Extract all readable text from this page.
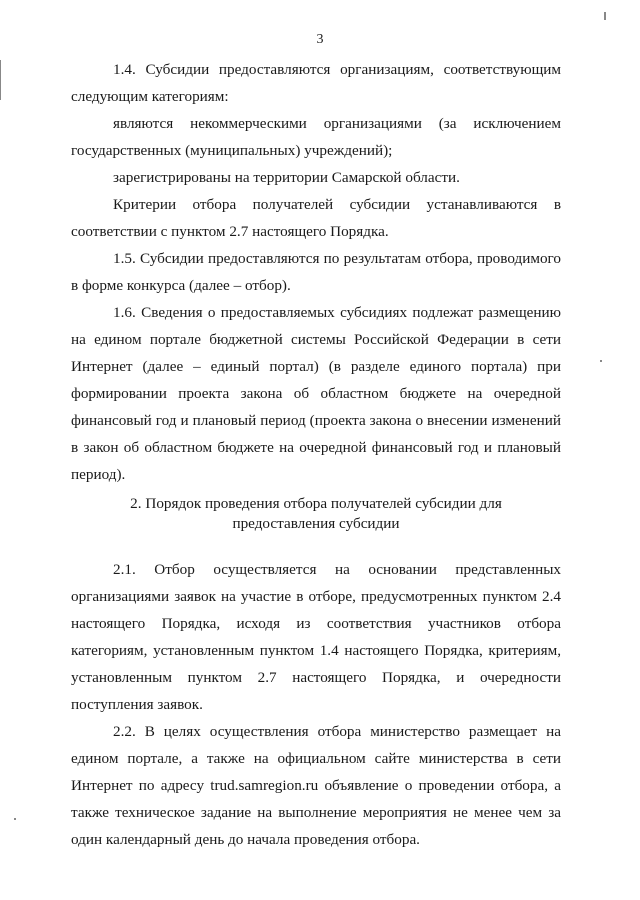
3

1.4. Субсидии предоставляются организациям, соответствующим следующим категориям:

являются некоммерческими организациями (за исключением государственных (муниципальных) учреждений);

зарегистрированы на территории Самарской области.

Критерии отбора получателей субсидии устанавливаются в соответствии с пунктом 2.7 настоящего Порядка.

1.5. Субсидии предоставляются по результатам отбора, проводимого в форме конкурса (далее – отбор).

1.6. Сведения о предоставляемых субсидиях подлежат размещению на едином портале бюджетной системы Российской Федерации в сети Интернет (далее – единый портал) (в разделе единого портала) при формировании проекта закона об областном бюджете на очередной финансовый год и плановый период (проекта закона о внесении изменений в закон об областном бюджете на очередной финансовый год и плановый период).

2. Порядок проведения отбора получателей субсидии для
предоставления субсидии

2.1. Отбор осуществляется на основании представленных организациями заявок на участие в отборе, предусмотренных пунктом 2.4 настоящего Порядка, исходя из соответствия участников отбора категориям, установленным пунктом 1.4 настоящего Порядка, критериям, установленным пунктом 2.7 настоящего Порядка, и очередности поступления заявок.

2.2. В целях осуществления отбора министерство размещает на едином портале, а также на официальном сайте министерства в сети Интернет по адресу trud.samregion.ru объявление о проведении отбора, а также техническое задание на выполнение мероприятия не менее чем за один календарный день до начала проведения отбора.
